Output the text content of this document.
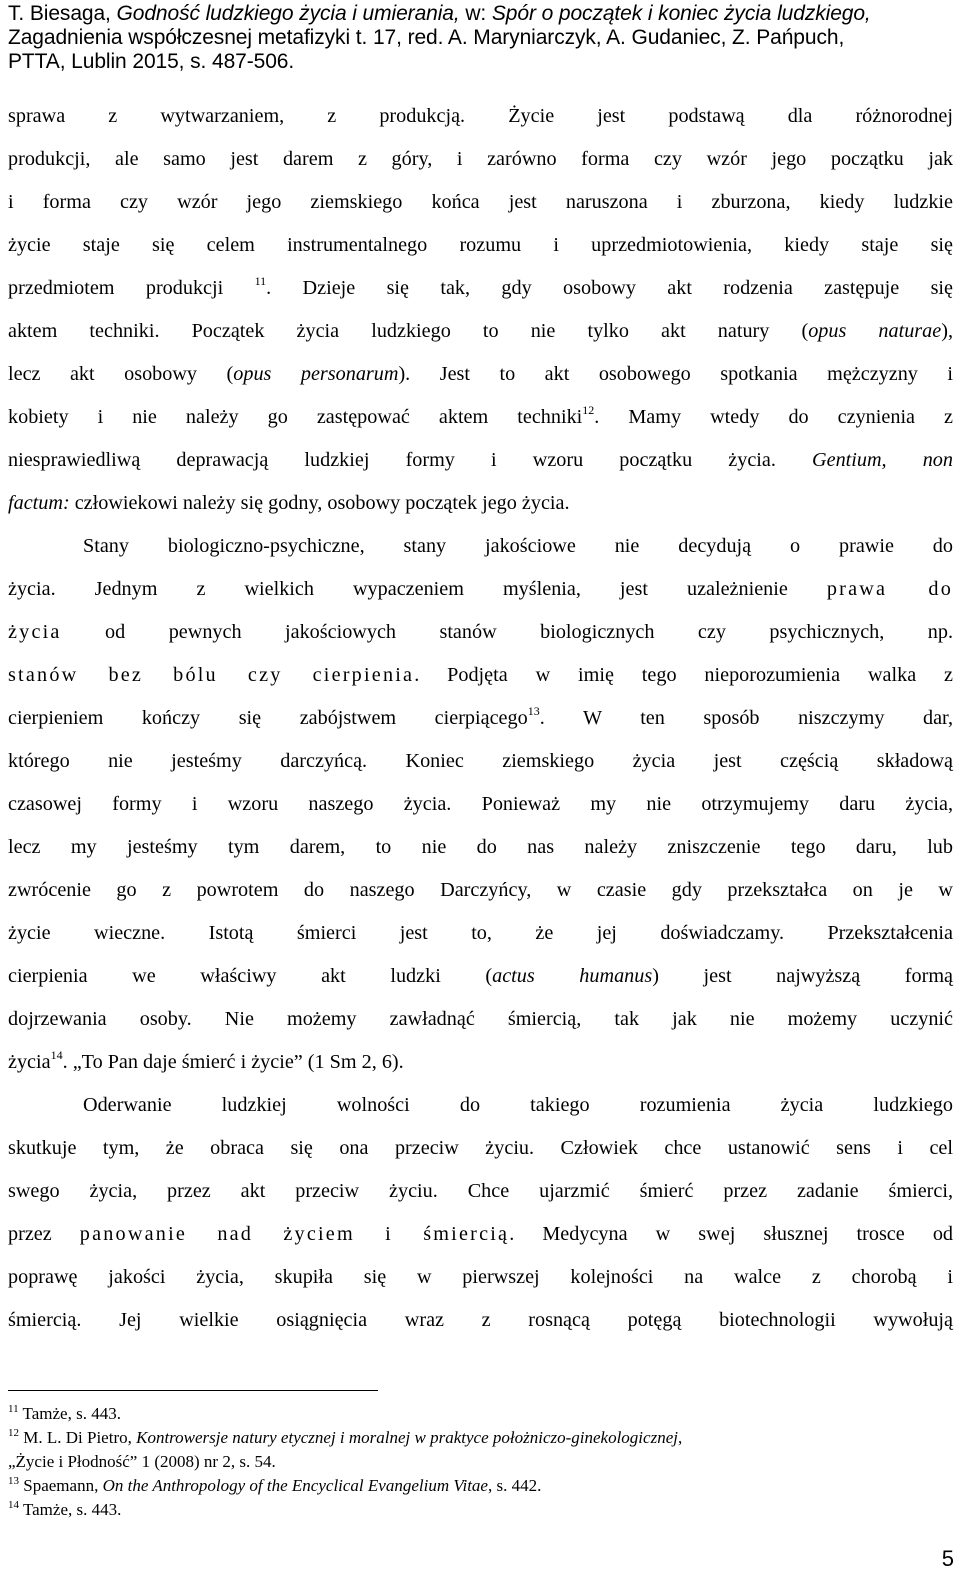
T. Biesaga, Godność ludzkiego życia i umierania, w: Spór o początek i koniec życia ludzkiego,
Zagadnienia współczesnej metafizyki t. 17, red. A. Maryniarczyk, A. Gudaniec, Z. Pańpuch,
PTTA, Lublin 2015, s. 487-506.
sprawa z wytwarzaniem, z produkcją. Życie jest podstawą dla różnorodnej
produkcji, ale samo jest darem z góry, i zarówno forma czy wzór jego początku jak
i forma czy wzór jego ziemskiego końca jest naruszona i zburzona, kiedy ludzkie
życie staje się celem instrumentalnego rozumu i uprzedmiotowienia, kiedy staje się
przedmiotem produkcji	$^{11}$. Dzieje się tak, gdy osobowy akt rodzenia zastępuje się
aktem techniki. Początek życia ludzkiego to nie tylko akt natury (opus naturae),
lecz akt osobowy (opus personarum). Jest to akt osobowego spotkania mężczyzny i
kobiety i nie należy go zastępować aktem techniki$^{12}$. Mamy wtedy do czynienia z
niesprawiedliwą deprawacją ludzkiej formy i wzoru początku życia. Gentium, non
factum: człowiekowi należy się godny, osobowy początek jego życia.
Stany biologiczno-psychiczne, stany jakościowe nie decydują o prawie do
życia. Jednym z wielkich wypaczeniem myślenia, jest uzależnienie prawa do
życia od pewnych jakościowych stanów biologicznych czy psychicznych, np.
stanów bez bólu czy cierpienia. Podjęta w imię tego nieporozumienia walka z
cierpieniem kończy się zabójstwem cierpiącego$^{13}$. W ten sposób niszczymy dar,
którego nie jesteśmy darczyńcą. Koniec ziemskiego życia jest częścią składową
czasowej formy i wzoru naszego życia. Ponieważ my nie otrzymujemy daru życia,
lecz my jesteśmy tym darem, to nie do nas należy zniszczenie tego daru, lub
zwrócenie go z powrotem do naszego Darczyńcy, w czasie gdy przekształca on je w
życie wieczne. Istotą śmierci jest to, że jej doświadczamy. Przekształcenia
cierpienia we właściwy akt ludzki (actus humanus) jest najwyższą formą
dojrzewania osoby. Nie możemy zawładnąć śmiercią, tak jak nie możemy uczynić
życia$^{14}$. „To Pan daje śmierć i życie” (1 Sm 2, 6).
Oderwanie ludzkiej wolności do takiego rozumienia życia ludzkiego
skutkuje tym, że obraca się ona przeciw życiu. Człowiek chce ustanowić sens i cel
swego życia, przez akt przeciw życiu. Chce ujarzmić śmierć przez zadanie śmierci,
przez panowanie nad życiem i śmiercią. Medycyna w swej słusznej trosce od
poprawę jakości życia, skupiła się w pierwszej kolejności na walce z chorobą i
śmiercią. Jej wielkie osiągnięcia wraz z rosnącą potęgą biotechnologii wywołują
$^{11}$ Tamże, s. 443.
$^{12}$ M. L. Di Pietro, Kontrowersje natury etycznej i moralnej w praktyce położniczo-ginekologicznej,
„Życie i Płodność” 1 (2008) nr 2, s. 54.
$^{13}$ Spaemann, On the Anthropology of the Encyclical Evangelium Vitae, s. 442.
$^{14}$ Tamże, s. 443.
5
